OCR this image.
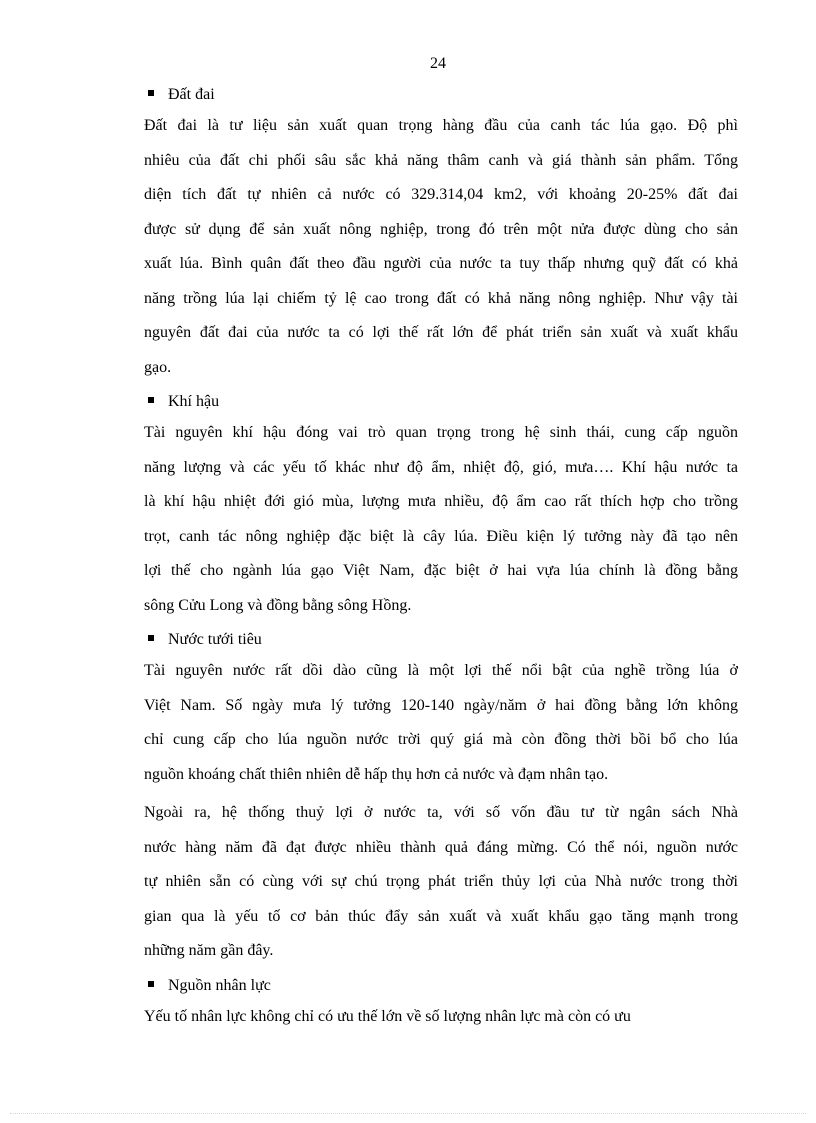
24
Đất đai
Đất đai là tư liệu sản xuất quan trọng hàng đầu của canh tác lúa gạo. Độ phì
nhiêu của đất chi phối sâu sắc khả năng thâm canh và giá thành sản phẩm. Tổng
diện tích đất tự nhiên cả nước có 329.314,04 km2, với khoảng 20-25% đất đai
được sử dụng để sản xuất nông nghiệp, trong đó trên một nửa được dùng cho sản
xuất lúa. Bình quân đất theo đầu người của nước ta tuy thấp nhưng quỹ đất có khả
năng trồng lúa lại chiếm tỷ lệ cao trong đất có khả năng nông nghiệp. Như vậy tài
nguyên đất đai của nước ta có lợi thế rất lớn để phát triển sản xuất và xuất khẩu
gạo.
Khí hậu
Tài nguyên khí hậu đóng vai trò quan trọng trong hệ sinh thái, cung cấp nguồn
năng lượng và các yếu tố khác như độ ẩm, nhiệt độ, gió, mưa…. Khí hậu nước ta
là khí hậu nhiệt đới gió mùa, lượng mưa nhiều, độ ẩm cao rất thích hợp cho trồng
trọt, canh tác nông nghiệp đặc biệt là cây lúa. Điều kiện lý tưởng này đã tạo nên
lợi thế cho ngành lúa gạo Việt Nam, đặc biệt ở hai vựa lúa chính là đồng bằng
sông Cửu Long và đồng bằng sông Hồng.
Nước tưới tiêu
Tài nguyên nước rất dồi dào cũng là một lợi thế nổi bật của nghề trồng lúa ở
Việt Nam. Số ngày mưa lý tưởng 120-140 ngày/năm ở hai đồng bằng lớn không
chỉ cung cấp cho lúa nguồn nước trời quý giá mà còn đồng thời bồi bổ cho lúa
nguồn khoáng chất thiên nhiên dễ hấp thụ hơn cả nước và đạm nhân tạo.
Ngoài ra, hệ thống thuỷ lợi ở nước ta, với số vốn đầu tư từ ngân sách Nhà
nước hàng năm đã đạt được nhiều thành quả đáng mừng. Có thể nói, nguồn nước
tự nhiên sẵn có cùng với sự chú trọng phát triển thủy lợi của Nhà nước trong thời
gian qua là yếu tố cơ bản thúc đẩy sản xuất và xuất khẩu gạo tăng mạnh trong
những năm gần đây.
Nguồn nhân lực
Yếu tố nhân lực không chỉ có ưu thế lớn về số lượng nhân lực mà còn có ưu
